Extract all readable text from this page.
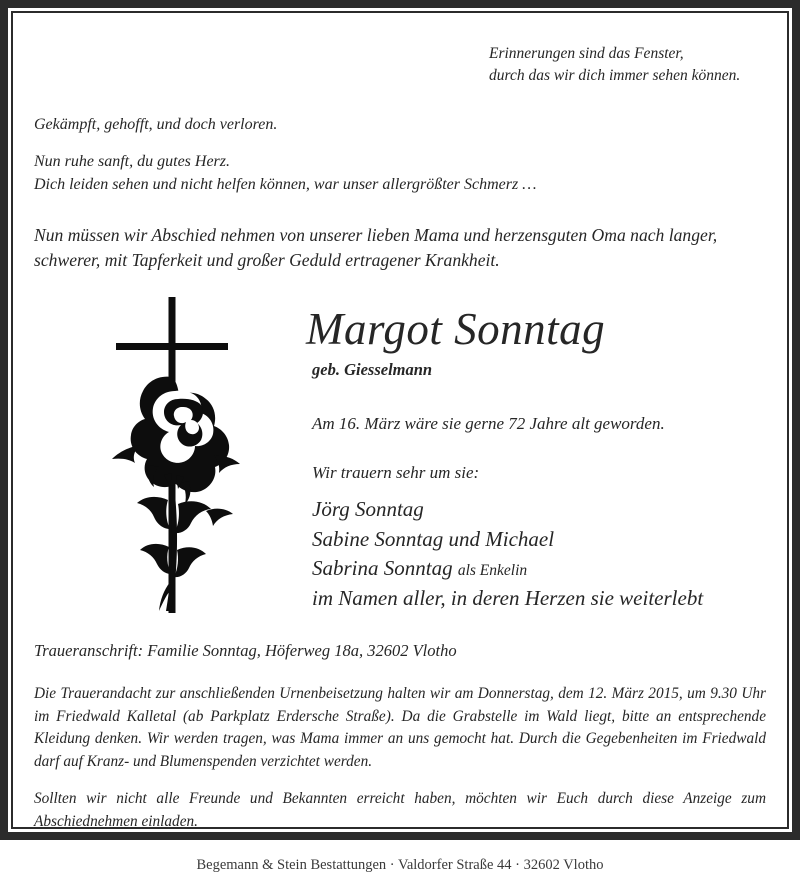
Erinnerungen sind das Fenster,
durch das wir dich immer sehen können.
Gekämpft, gehofft, und doch verloren.
Nun ruhe sanft, du gutes Herz.
Dich leiden sehen und nicht helfen können, war unser allergrößter Schmerz …
Nun müssen wir Abschied nehmen von unserer lieben Mama und herzensguten Oma nach langer, schwerer, mit Tapferkeit und großer Geduld ertragener Krankheit.
Margot Sonntag
geb. Giesselmann
Am 16. März wäre sie gerne 72 Jahre alt geworden.
Wir trauern sehr um sie:
Jörg Sonntag
Sabine Sonntag und Michael
Sabrina Sonntag als Enkelin
im Namen aller, in deren Herzen sie weiterlebt
Traueranschrift: Familie Sonntag, Höferweg 18a, 32602 Vlotho
Die Trauerandacht zur anschließenden Urnenbeisetzung halten wir am Donnerstag, dem 12. März 2015, um 9.30 Uhr im Friedwald Kalletal (ab Parkplatz Erdersche Straße). Da die Grabstelle im Wald liegt, bitte an entsprechende Kleidung denken. Wir werden tragen, was Mama immer an uns gemocht hat. Durch die Gegebenheiten im Friedwald darf auf Kranz- und Blumenspenden verzichtet werden.
Sollten wir nicht alle Freunde und Bekannten erreicht haben, möchten wir Euch durch diese Anzeige zum Abschiednehmen einladen.
Begemann & Stein Bestattungen · Valdorfer Straße 44 · 32602 Vlotho
